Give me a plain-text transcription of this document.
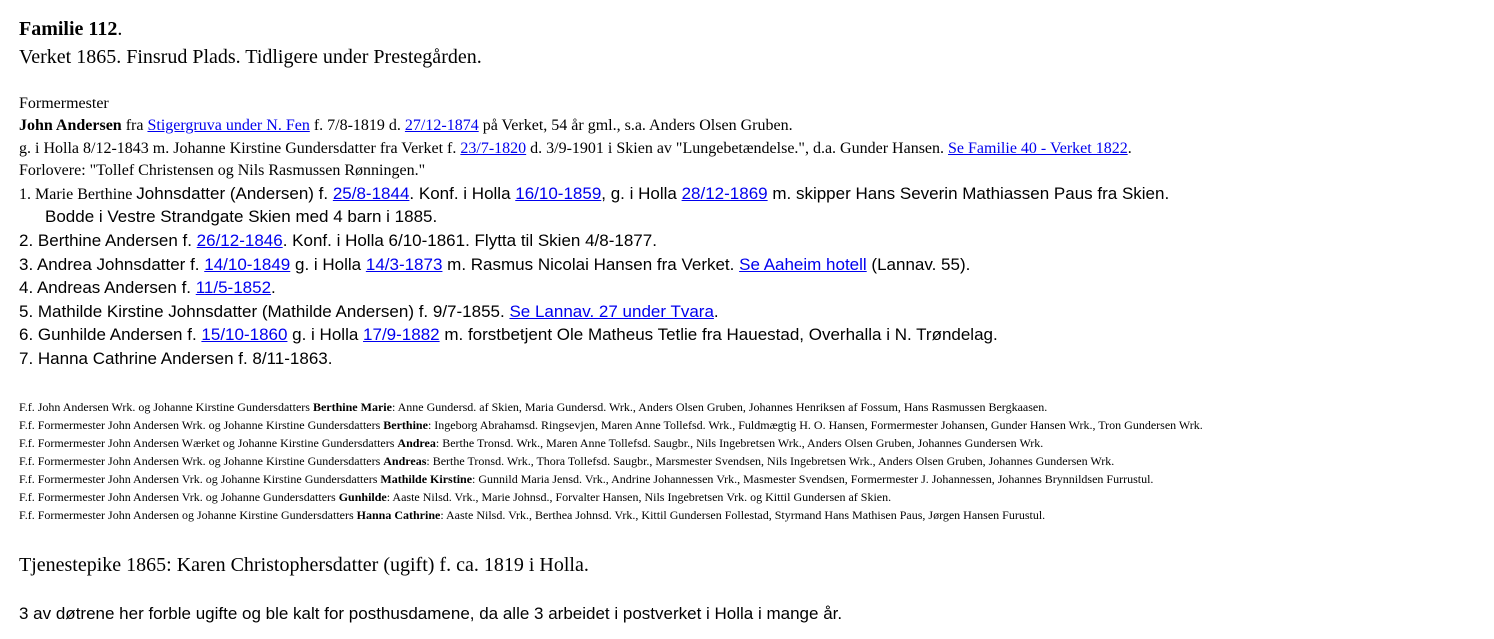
Familie 112.
Verket 1865. Finsrud Plads. Tidligere under Prestegården.
Formermester
John Andersen fra Stigergruva under N. Fen f. 7/8-1819 d. 27/12-1874 på Verket, 54 år gml., s.a. Anders Olsen Gruben.
g. i Holla 8/12-1843 m. Johanne Kirstine Gundersdatter fra Verket f. 23/7-1820 d. 3/9-1901 i Skien av "Lungebetændelse.", d.a. Gunder Hansen. Se Familie 40 - Verket 1822.
Forlovere: "Tollef Christensen og Nils Rasmussen Rønningen."
1. Marie Berthine Johnsdatter (Andersen) f. 25/8-1844. Konf. i Holla 16/10-1859, g. i Holla 28/12-1869 m. skipper Hans Severin Mathiassen Paus fra Skien.
Bodde i Vestre Strandgate Skien med 4 barn i 1885.
2. Berthine Andersen f. 26/12-1846. Konf. i Holla 6/10-1861. Flytta til Skien 4/8-1877.
3. Andrea Johnsdatter f. 14/10-1849 g. i Holla 14/3-1873 m. Rasmus Nicolai Hansen fra Verket. Se Aaheim hotell (Lannav. 55).
4. Andreas Andersen f. 11/5-1852.
5. Mathilde Kirstine Johnsdatter (Mathilde Andersen) f. 9/7-1855. Se Lannav. 27 under Tvara.
6. Gunhilde Andersen f. 15/10-1860 g. i Holla 17/9-1882 m. forstbetjent Ole Matheus Tetlie fra Hauestad, Overhalla i N. Trøndelag.
7. Hanna Cathrine Andersen f. 8/11-1863.
F.f. John Andersen Wrk. og Johanne Kirstine Gundersdatters Berthine Marie: Anne Gundersd. af Skien, Maria Gundersd. Wrk., Anders Olsen Gruben, Johannes Henriksen af Fossum, Hans Rasmussen Bergkaasen.
F.f. Formermester John Andersen Wrk. og Johanne Kirstine Gundersdatters Berthine: Ingeborg Abrahamsd. Ringsevjen, Maren Anne Tollefsd. Wrk., Fuldmægtig H. O. Hansen, Formermester Johansen, Gunder Hansen Wrk., Tron Gundersen Wrk.
F.f. Formermester John Andersen Wærket og Johanne Kirstine Gundersdatters Andrea: Berthe Tronsd. Wrk., Maren Anne Tollefsd. Saugbr., Nils Ingebretsen Wrk., Anders Olsen Gruben, Johannes Gundersen Wrk.
F.f. Formermester John Andersen Wrk. og Johanne Kirstine Gundersdatters Andreas: Berthe Tronsd. Wrk., Thora Tollefsd. Saugbr., Marsmester Svendsen, Nils Ingebretsen Wrk., Anders Olsen Gruben, Johannes Gundersen Wrk.
F.f. Formermester John Andersen Vrk. og Johanne Kirstine Gundersdatters Mathilde Kirstine: Gunnild Maria Jensd. Vrk., Andrine Johannessen Vrk., Masmester Svendsen, Formermester J. Johannessen, Johannes Brynnildsen Furrustul.
F.f. Formermester John Andersen Vrk. og Johanne Gundersdatters Gunhilde: Aaste Nilsd. Vrk., Marie Johnsd., Forvalter Hansen, Nils Ingebretsen Vrk. og Kittil Gundersen af Skien.
F.f. Formermester John Andersen og Johanne Kirstine Gundersdatters Hanna Cathrine: Aaste Nilsd. Vrk., Berthea Johnsd. Vrk., Kittil Gundersen Follestad, Styrmand Hans Mathisen Paus, Jørgen Hansen Furustul.
Tjenestepike 1865: Karen Christophersdatter (ugift) f. ca. 1819 i Holla.
3 av døtrene her forble ugifte og ble kalt for posthusdamene, da alle 3 arbeidet i postverket i Holla i mange år.
